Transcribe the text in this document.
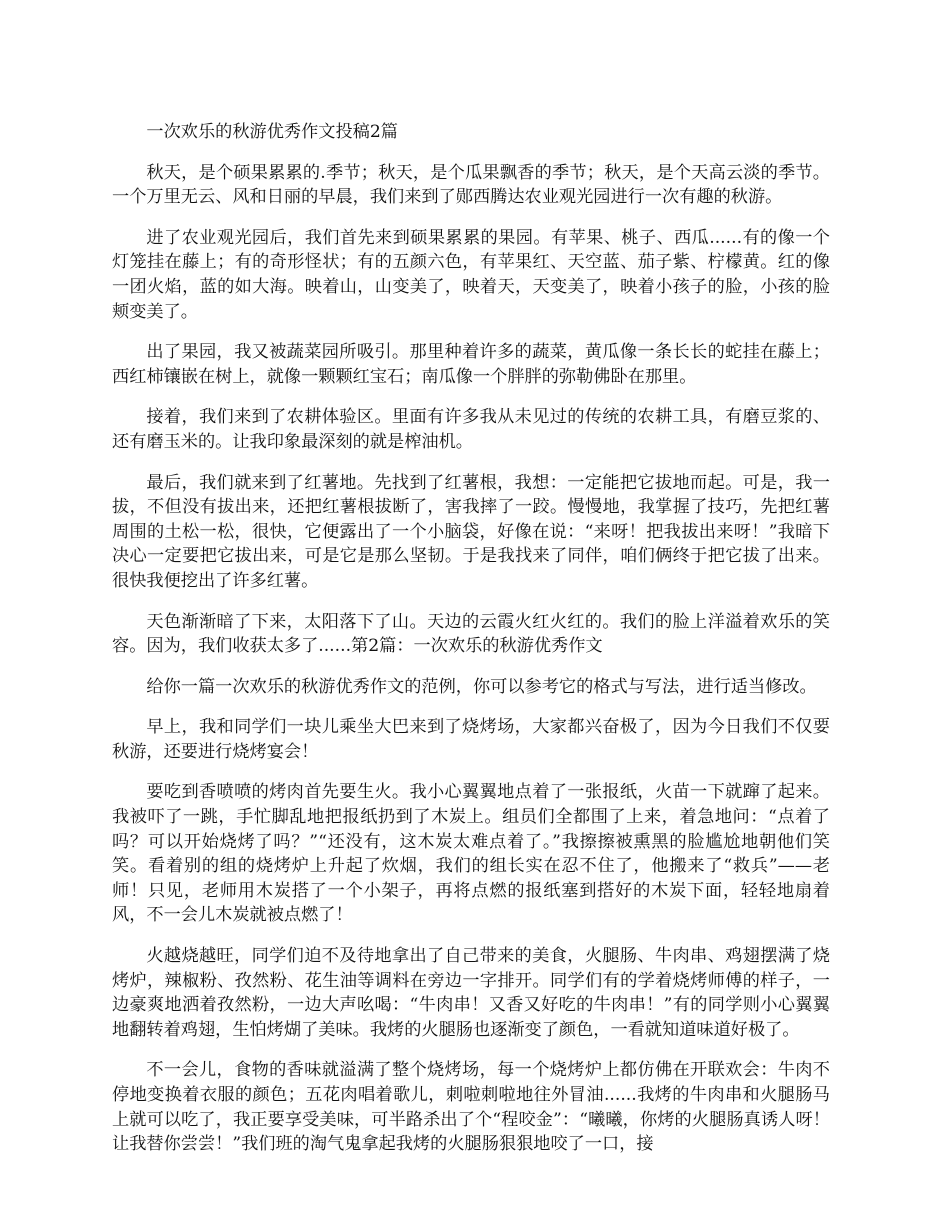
一次欢乐的秋游优秀作文投稿2篇

秋天，是个硕果累累的.季节；秋天，是个瓜果飘香的季节；秋天，是个天高云淡的季节。一个万里无云、风和日丽的早晨，我们来到了郧西腾达农业观光园进行一次有趣的秋游。

进了农业观光园后，我们首先来到硕果累累的果园。有苹果、桃子、西瓜......有的像一个灯笼挂在藤上；有的奇形怪状；有的五颜六色，有苹果红、天空蓝、茄子紫、柠檬黄。红的像一团火焰，蓝的如大海。映着山，山变美了，映着天，天变美了，映着小孩子的脸，小孩的脸颊变美了。

出了果园，我又被蔬菜园所吸引。那里种着许多的蔬菜，黄瓜像一条长长的蛇挂在藤上；西红柿镶嵌在树上，就像一颗颗红宝石；南瓜像一个胖胖的弥勒佛卧在那里。

接着，我们来到了农耕体验区。里面有许多我从未见过的传统的农耕工具，有磨豆浆的、还有磨玉米的。让我印象最深刻的就是榨油机。

最后，我们就来到了红薯地。先找到了红薯根，我想：一定能把它拔地而起。可是，我一拔，不但没有拔出来，还把红薯根拔断了，害我摔了一跤。慢慢地，我掌握了技巧，先把红薯周围的土松一松，很快，它便露出了一个小脑袋，好像在说：“来呀！把我拔出来呀！”我暗下决心一定要把它拔出来，可是它是那么坚韧。于是我找来了同伴，咱们俩终于把它拔了出来。很快我便挖出了许多红薯。

天色渐渐暗了下来，太阳落下了山。天边的云霞火红火红的。我们的脸上洋溢着欢乐的笑容。因为，我们收获太多了......第2篇：一次欢乐的秋游优秀作文

给你一篇一次欢乐的秋游优秀作文的范例，你可以参考它的格式与写法，进行适当修改。

早上，我和同学们一块儿乘坐大巴来到了烧烤场，大家都兴奋极了，因为今日我们不仅要秋游，还要进行烧烤宴会！

要吃到香喷喷的烤肉首先要生火。我小心翼翼地点着了一张报纸，火苗一下就蹿了起来。我被吓了一跳，手忙脚乱地把报纸扔到了木炭上。组员们全都围了上来，着急地问：“点着了吗？可以开始烧烤了吗？”“还没有，这木炭太难点着了。”我擦擦被熏黑的脸尴尬地朝他们笑笑。看着别的组的烧烤炉上升起了炊烟，我们的组长实在忍不住了，他搬来了“救兵”——老师！只见，老师用木炭搭了一个小架子，再将点燃的报纸塞到搭好的木炭下面，轻轻地扇着风，不一会儿木炭就被点燃了！

火越烧越旺，同学们迫不及待地拿出了自己带来的美食，火腿肠、牛肉串、鸡翅摆满了烧烤炉，辣椒粉、孜然粉、花生油等调料在旁边一字排开。同学们有的学着烧烤师傅的样子，一边豪爽地洒着孜然粉，一边大声吆喝：“牛肉串！又香又好吃的牛肉串！”有的同学则小心翼翼地翻转着鸡翅，生怕烤煳了美味。我烤的火腿肠也逐渐变了颜色，一看就知道味道好极了。

不一会儿，食物的香味就溢满了整个烧烤场，每一个烧烤炉上都仿佛在开联欢会：牛肉不停地变换着衣服的颜色；五花肉唱着歌儿，刺啦刺啦地往外冒油......我烤的牛肉串和火腿肠马上就可以吃了，我正要享受美味，可半路杀出了个“程咬金”：“曦曦，你烤的火腿肠真诱人呀！让我替你尝尝！”我们班的淘气鬼拿起我烤的火腿肠狠狠地咬了一口，接
